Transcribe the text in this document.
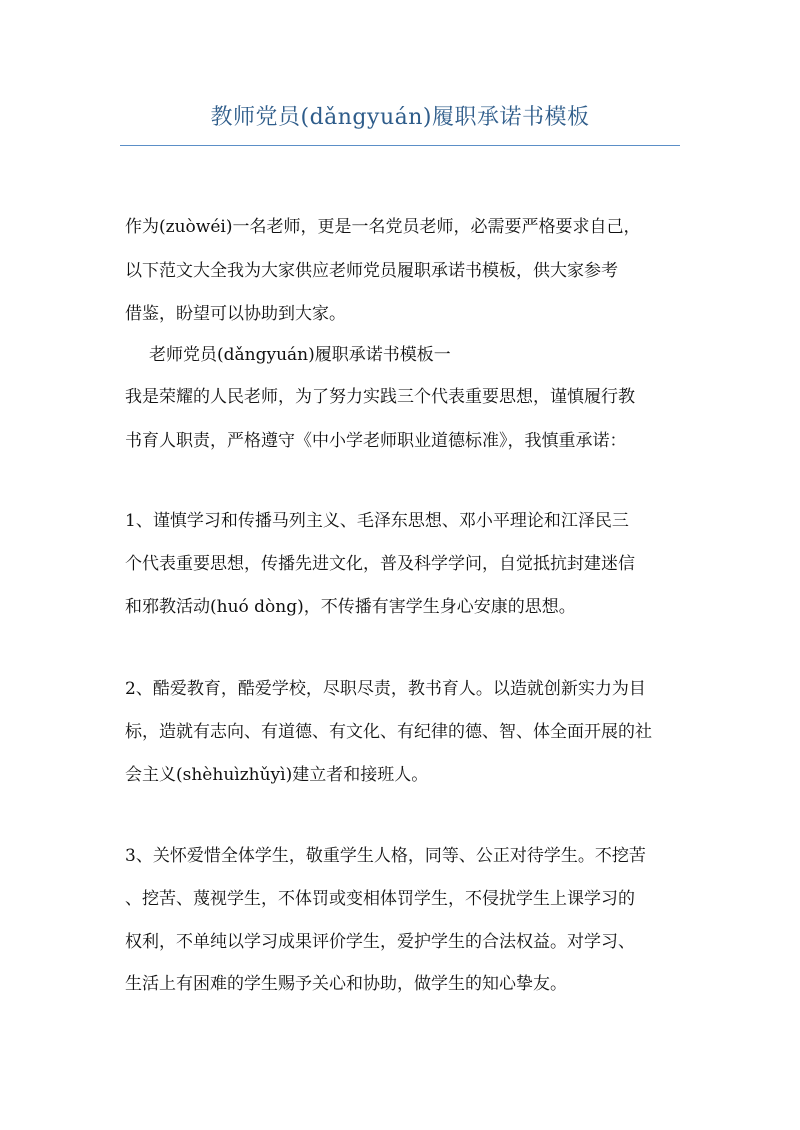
教师党员(dǎngyuán)履职承诺书模板
作为(zuòwéi)一名老师，更是一名党员老师，必需要严格要求自己，
以下范文大全我为大家供应老师党员履职承诺书模板，供大家参考
借鉴，盼望可以协助到大家。
老师党员(dǎngyuán)履职承诺书模板一
我是荣耀的人民老师，为了努力实践三个代表重要思想，谨慎履行教
书育人职责，严格遵守《中小学老师职业道德标准》，我慎重承诺：
1、谨慎学习和传播马列主义、毛泽东思想、邓小平理论和江泽民三
个代表重要思想，传播先进文化，普及科学学问，自觉抵抗封建迷信
和邪教活动(huó dòng)，不传播有害学生身心安康的思想。
2、酷爱教育，酷爱学校，尽职尽责，教书育人。以造就创新实力为目
标，造就有志向、有道德、有文化、有纪律的德、智、体全面开展的社
会主义(shèhuìzhǔyì)建立者和接班人。
3、关怀爱惜全体学生，敬重学生人格，同等、公正对待学生。不挖苦
、挖苦、蔑视学生，不体罚或变相体罚学生，不侵扰学生上课学习的
权利，不单纯以学习成果评价学生，爱护学生的合法权益。对学习、
生活上有困难的学生赐予关心和协助，做学生的知心挚友。
